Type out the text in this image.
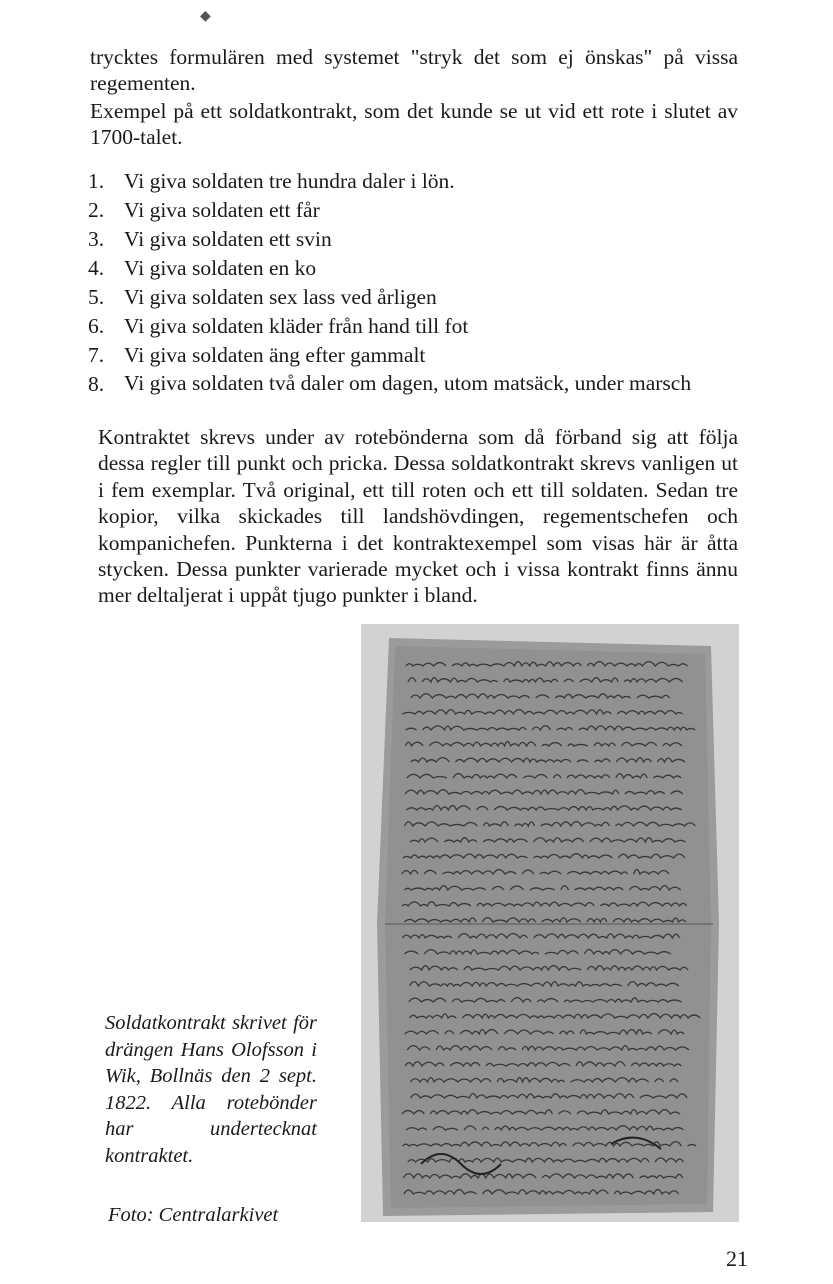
◆

trycktes formulären med systemet "stryk det som ej önskas" på vissa regementen.

Exempel på ett soldatkontrakt, som det kunde se ut vid ett rote i slutet av 1700-talet.

1. Vi giva soldaten tre hundra daler i lön.
2. Vi giva soldaten ett får
3. Vi giva soldaten ett svin
4. Vi giva soldaten en ko
5. Vi giva soldaten sex lass ved årligen
6. Vi giva soldaten kläder från hand till fot
7. Vi giva soldaten äng efter gammalt
8. Vi giva soldaten två daler om dagen, utom matsäck, under marsch

Kontraktet skrevs under av rotebönderna som då förband sig att följa dessa regler till punkt och pricka. Dessa soldatkontrakt skrevs vanligen ut i fem exemplar. Två original, ett till roten och ett till soldaten. Sedan tre kopior, vilka skickades till landshövdingen, regementschefen och kompanichefen. Punkterna i det kontraktexempel som visas här är åtta stycken. Dessa punkter varierade mycket och i vissa kontrakt finns ännu mer deltaljerat i uppåt tjugo punkter i bland.

Soldatkontrakt skrivet för drängen Hans Olofsson i Wik, Bollnäs den 2 sept. 1822. Alla rotebönder har undertecknat kontraktet.

Foto: Centralarkivet

21
